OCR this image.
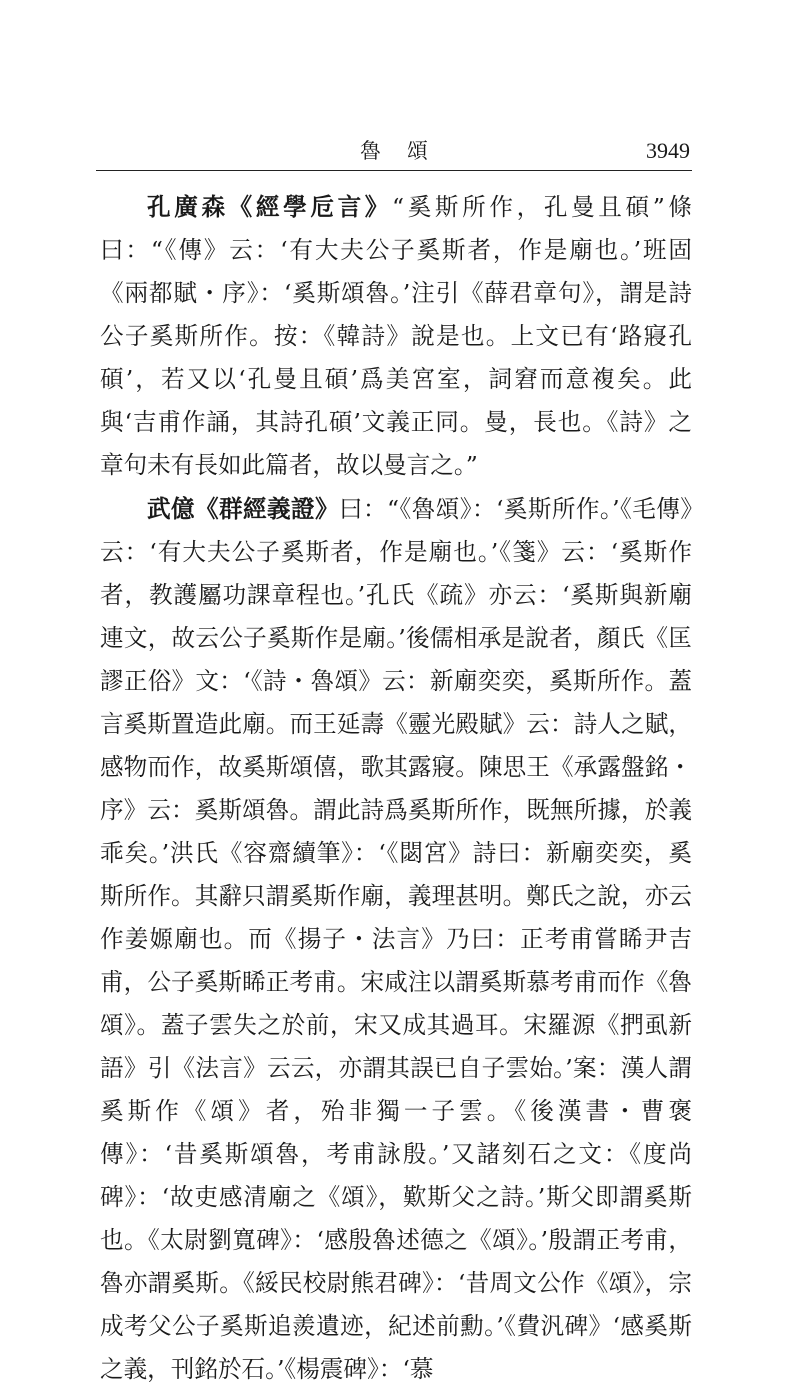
魯頌	3949

孔廣森《經學卮言》“奚斯所作，孔曼且碩”條曰：“《傳》云：‘有大夫公子奚斯者，作是廟也。’班固《兩都賦・序》：‘奚斯頌魯。’注引《薛君章句》，謂是詩公子奚斯所作。按：《韓詩》說是也。上文已有‘路寢孔碩’，若又以‘孔曼且碩’爲美宮室，詞窘而意複矣。此與‘吉甫作誦，其詩孔碩’文義正同。曼，長也。《詩》之章句未有長如此篇者，故以曼言之。”

武億《群經義證》曰：“《魯頌》：‘奚斯所作。’《毛傳》云：‘有大夫公子奚斯者，作是廟也。’《箋》云：‘奚斯作者，教護屬功課章程也。’孔氏《疏》亦云：‘奚斯與新廟連文，故云公子奚斯作是廟。’後儒相承是說者，顏氏《匡謬正俗》文：‘《詩・魯頌》云：新廟奕奕，奚斯所作。蓋言奚斯置造此廟。而王延壽《靈光殿賦》云：詩人之賦，感物而作，故奚斯頌僖，歌其露寢。陳思王《承露盤銘・序》云：奚斯頌魯。謂此詩爲奚斯所作，既無所據，於義乖矣。’洪氏《容齋續筆》：‘《閟宮》詩曰：新廟奕奕，奚斯所作。其辭只謂奚斯作廟，義理甚明。鄭氏之說，亦云作姜嫄廟也。而《揚子・法言》乃曰：正考甫嘗睎尹吉甫，公子奚斯睎正考甫。宋咸注以謂奚斯慕考甫而作《魯頌》。蓋子雲失之於前，宋又成其過耳。宋羅源《捫虱新語》引《法言》云云，亦謂其誤已自子雲始。’案：漢人謂奚斯作《頌》者，殆非獨一子雲。《後漢書・曹褒傳》：‘昔奚斯頌魯，考甫詠殷。’又諸刻石之文：《度尚碑》：‘故吏感清廟之《頌》，歎斯父之詩。’斯父即謂奚斯也。《太尉劉寬碑》：‘感殷魯述德之《頌》。’殷謂正考甫，魯亦謂奚斯。《綏民校尉熊君碑》：‘昔周文公作《頌》，宗成考父公子奚斯追羨遺迹，紀述前勳。’《費汎碑》‘感奚斯之義，刊銘於石。’《楊震碑》：‘慕
